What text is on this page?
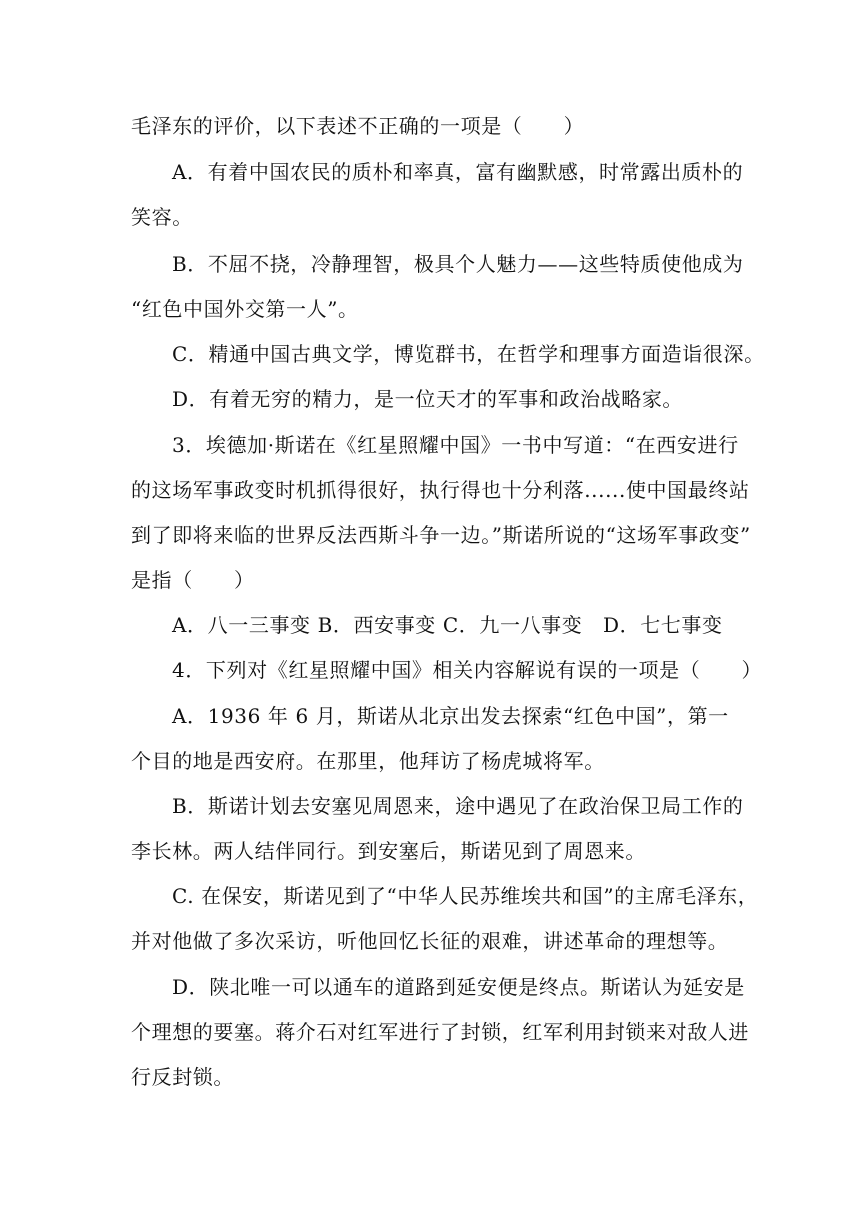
毛泽东的评价，以下表述不正确的一项是（　　）
A．有着中国农民的质朴和率真，富有幽默感，时常露出质朴的
笑容。
B．不屈不挠，冷静理智，极具个人魅力——这些特质使他成为
“红色中国外交第一人”。
C．精通中国古典文学，博览群书，在哲学和理事方面造诣很深。
D．有着无穷的精力，是一位天才的军事和政治战略家。
3．埃德加·斯诺在《红星照耀中国》一书中写道：“在西安进行
的这场军事政变时机抓得很好，执行得也十分利落......使中国最终站
到了即将来临的世界反法西斯斗争一边。”斯诺所说的“这场军事政变”
是指（　　）
A．八一三事变 B．西安事变 C．九一八事变　D．七七事变
4．下列对《红星照耀中国》相关内容解说有误的一项是（　　）
A．1936 年 6 月，斯诺从北京出发去探索“红色中国”，第一
个目的地是西安府。在那里，他拜访了杨虎城将军。
B．斯诺计划去安塞见周恩来，途中遇见了在政治保卫局工作的
李长林。两人结伴同行。到安塞后，斯诺见到了周恩来。
C. 在保安，斯诺见到了“中华人民苏维埃共和国”的主席毛泽东，
并对他做了多次采访，听他回忆长征的艰难，讲述革命的理想等。
D．陕北唯一可以通车的道路到延安便是终点。斯诺认为延安是
个理想的要塞。蒋介石对红军进行了封锁，红军利用封锁来对敌人进
行反封锁。
